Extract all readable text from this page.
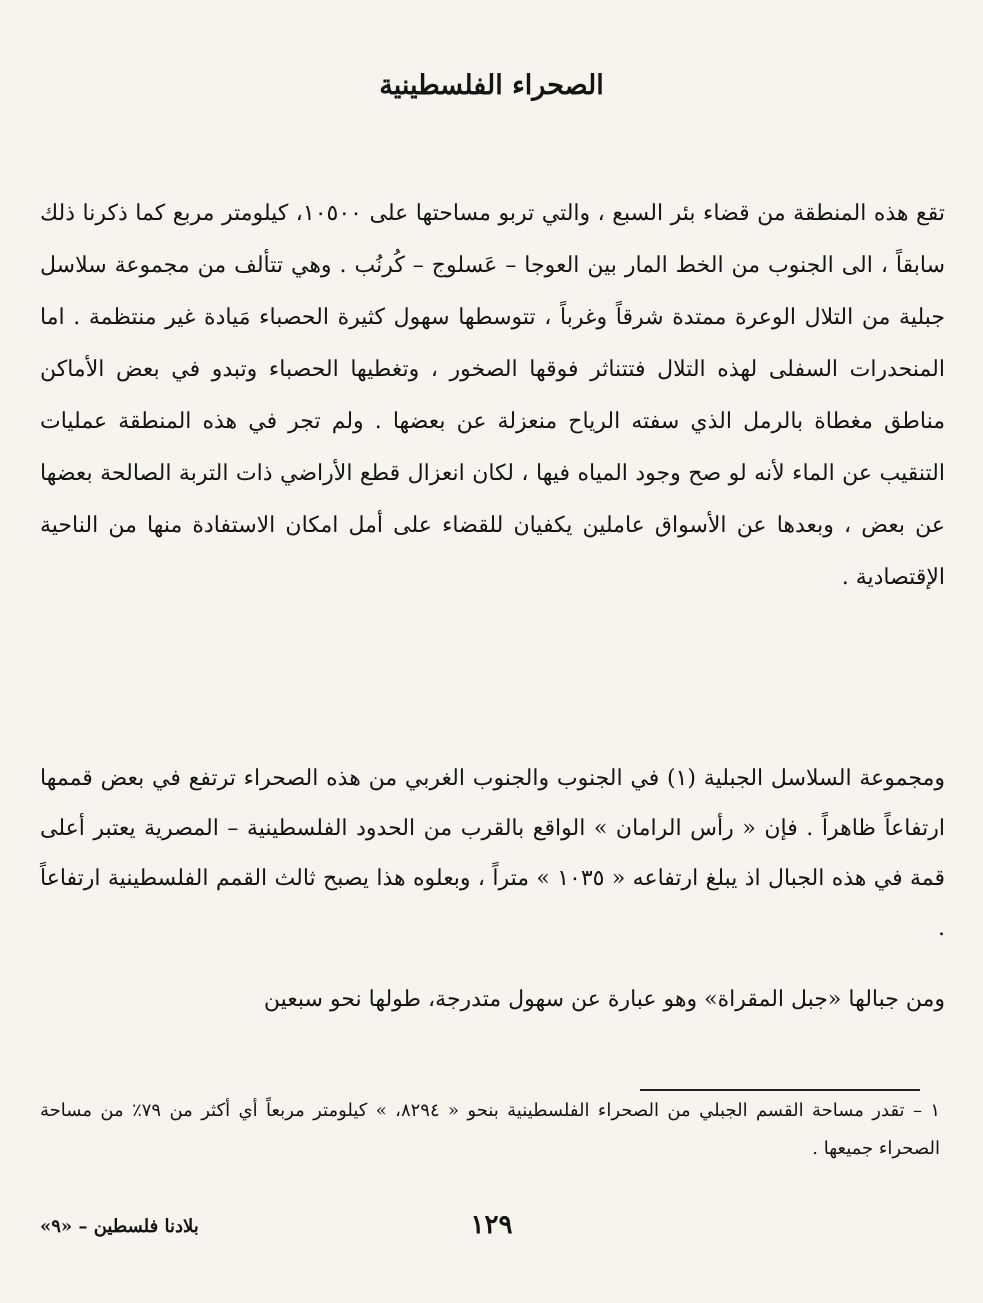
الصحراء الفلسطينية

تقع هذه المنطقة من قضاء بئر السبع ، والتي تربو مساحتها على ١٠٥٠٠، كيلومتر مربع كما ذكرنا ذلك سابقاً ، الى الجنوب من الخط المار بين العوجا – عَسلوج – كُرنُب . وهي تتألف من مجموعة سلاسل جبلية من التلال الوعرة ممتدة شرقاً وغرباً ، تتوسطها سهول كثيرة الحصباء مَيادة غير منتظمة . اما المنحدرات السفلى لهذه التلال فتتناثر فوقها الصخور ، وتغطيها الحصباء وتبدو في بعض الأماكن مناطق مغطاة بالرمل الذي سفته الرياح منعزلة عن بعضها . ولم تجر في هذه المنطقة عمليات التنقيب عن الماء لأنه لو صح وجود المياه فيها ، لكان انعزال قطع الأراضي ذات التربة الصالحة بعضها عن بعض ، وبعدها عن الأسواق عاملين يكفيان للقضاء على أمل امكان الاستفادة منها من الناحية الإقتصادية .

ومجموعة السلاسل الجبلية (١) في الجنوب والجنوب الغربي من هذه الصحراء ترتفع في بعض قممها ارتفاعاً ظاهراً . فإن « رأس الرامان » الواقع بالقرب من الحدود الفلسطينية – المصرية يعتبر أعلى قمة في هذه الجبال اذ يبلغ ارتفاعه « ١٠٣٥ » متراً ، وبعلوه هذا يصبح ثالث القمم الفلسطينية ارتفاعاً .

ومن جبالها «جبل المقراة» وهو عبارة عن سهول متدرجة، طولها نحو سبعين

١ – تقدر مساحة القسم الجبلي من الصحراء الفلسطينية بنحو « ٨٢٩٤، » كيلومتر مربعاً أي أكثر من ٧٩٪ من مساحة الصحراء جميعها .

١٢٩
بلادنا فلسطين – «٩»
